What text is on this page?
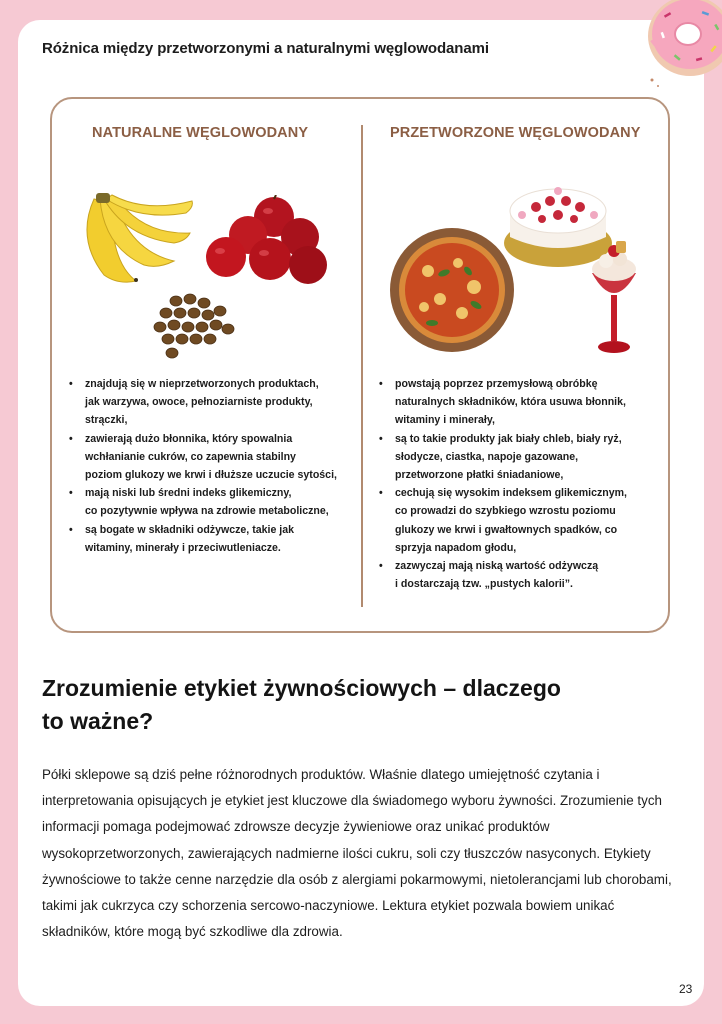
Różnica między przetworzonymi a naturalnymi węglowodanami
NATURALNE WĘGLOWODANY	PRZETWORZONE WĘGLOWODANY
• znajdują się w nieprzetworzonych produktach,
jak warzywa, owoce, pełnoziarniste produkty,
strączki,
• zawierają dużo błonnika, który spowalnia
wchłanianie cukrów, co zapewnia stabilny
poziom glukozy we krwi i dłuższe uczucie sytości,
• mają niski lub średni indeks glikemiczny,
co pozytywnie wpływa na zdrowie metaboliczne,
• są bogate w składniki odżywcze, takie jak
witaminy, minerały i przeciwutleniacze.
• powstają poprzez przemysłową obróbkę
naturalnych składników, która usuwa błonnik,
witaminy i minerały,
• są to takie produkty jak biały chleb, biały ryż,
słodycze, ciastka, napoje gazowane,
przetworzone płatki śniadaniowe,
• cechują się wysokim indeksem glikemicznym,
co prowadzi do szybkiego wzrostu poziomu
glukozy we krwi i gwałtownych spadków, co
sprzyja napadom głodu,
• zazwyczaj mają niską wartość odżywczą
i dostarczają tzw. „pustych kalorii”.
Zrozumienie etykiet żywnościowych – dlaczego
to ważne?
Półki sklepowe są dziś pełne różnorodnych produktów. Właśnie dlatego umiejętność czytania i interpretowania opisujących je etykiet jest kluczowe dla świadomego wyboru żywności. Zrozumienie tych informacji pomaga podejmować zdrowsze decyzje żywieniowe oraz unikać produktów wysokoprzetworzonych, zawierających nadmierne ilości cukru, soli czy tłuszczów nasyconych. Etykiety żywnościowe to także cenne narzędzie dla osób z alergiami pokarmowymi, nietolerancjami lub chorobami, takimi jak cukrzyca czy schorzenia sercowo-naczyniowe. Lektura etykiet pozwala bowiem unikać składników, które mogą być szkodliwe dla zdrowia.
23
